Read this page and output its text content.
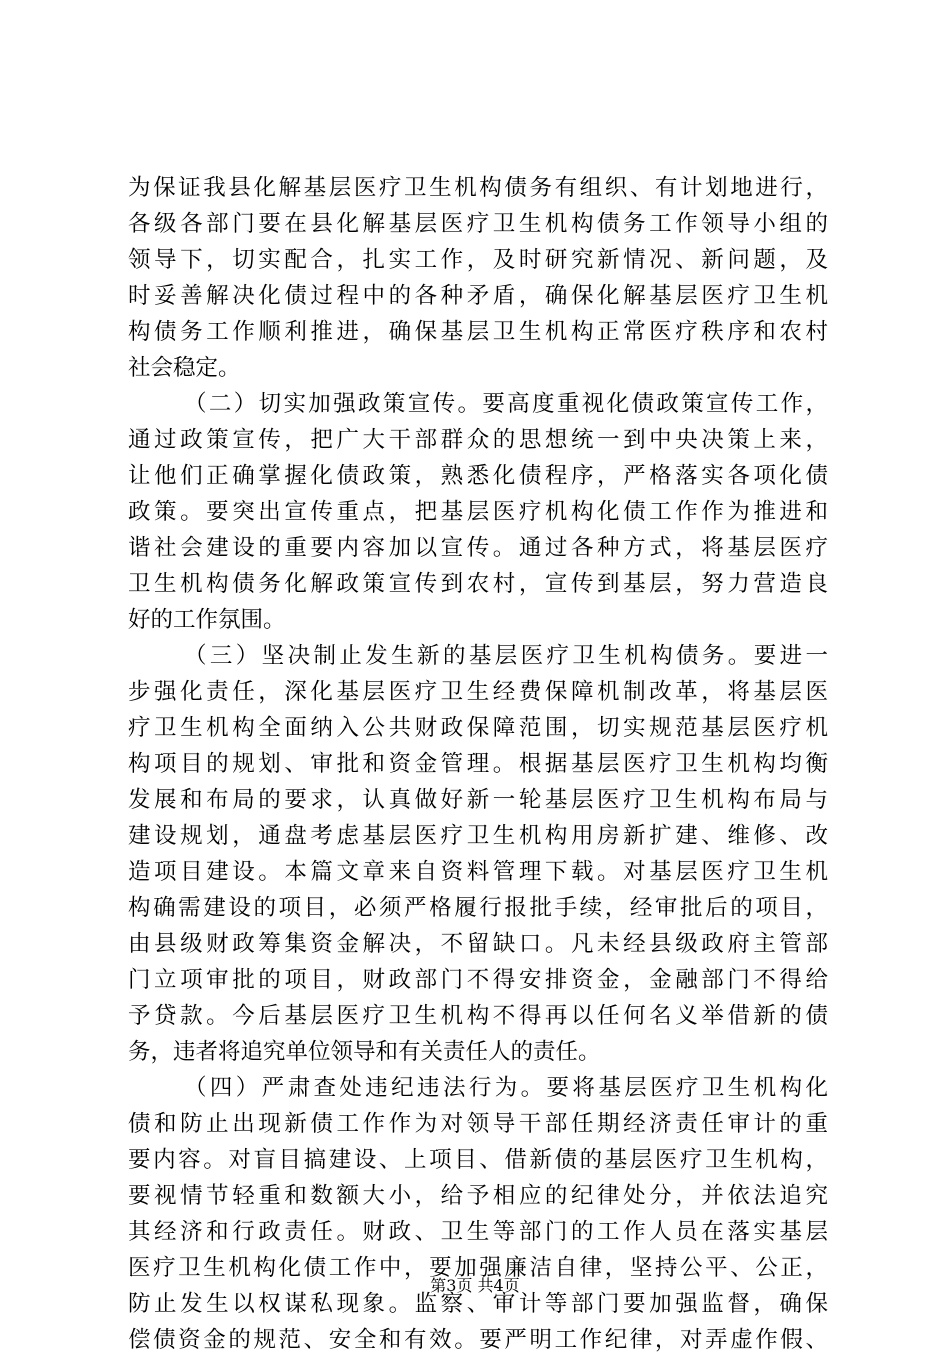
为保证我县化解基层医疗卫生机构债务有组织、有计划地进行，
各级各部门要在县化解基层医疗卫生机构债务工作领导小组的
领导下，切实配合，扎实工作，及时研究新情况、新问题，及
时妥善解决化债过程中的各种矛盾，确保化解基层医疗卫生机
构债务工作顺利推进，确保基层卫生机构正常医疗秩序和农村
社会稳定。
（二）切实加强政策宣传。要高度重视化债政策宣传工作，
通过政策宣传，把广大干部群众的思想统一到中央决策上来，
让他们正确掌握化债政策，熟悉化债程序，严格落实各项化债
政策。要突出宣传重点，把基层医疗机构化债工作作为推进和
谐社会建设的重要内容加以宣传。通过各种方式，将基层医疗
卫生机构债务化解政策宣传到农村，宣传到基层，努力营造良
好的工作氛围。
（三）坚决制止发生新的基层医疗卫生机构债务。要进一
步强化责任，深化基层医疗卫生经费保障机制改革，将基层医
疗卫生机构全面纳入公共财政保障范围，切实规范基层医疗机
构项目的规划、审批和资金管理。根据基层医疗卫生机构均衡
发展和布局的要求，认真做好新一轮基层医疗卫生机构布局与
建设规划，通盘考虑基层医疗卫生机构用房新扩建、维修、改
造项目建设。本篇文章来自资料管理下载。对基层医疗卫生机
构确需建设的项目，必须严格履行报批手续，经审批后的项目，
由县级财政筹集资金解决，不留缺口。凡未经县级政府主管部
门立项审批的项目，财政部门不得安排资金，金融部门不得给
予贷款。今后基层医疗卫生机构不得再以任何名义举借新的债
务，违者将追究单位领导和有关责任人的责任。
（四）严肃查处违纪违法行为。要将基层医疗卫生机构化
债和防止出现新债工作作为对领导干部任期经济责任审计的重
要内容。对盲目搞建设、上项目、借新债的基层医疗卫生机构，
要视情节轻重和数额大小，给予相应的纪律处分，并依法追究
其经济和行政责任。财政、卫生等部门的工作人员在落实基层
医疗卫生机构化债工作中，要加强廉洁自律，坚持公平、公正，
防止发生以权谋私现象。监察、审计等部门要加强监督，确保
偿债资金的规范、安全和有效。要严明工作纪律，对弄虚作假、
第3页 共4页
